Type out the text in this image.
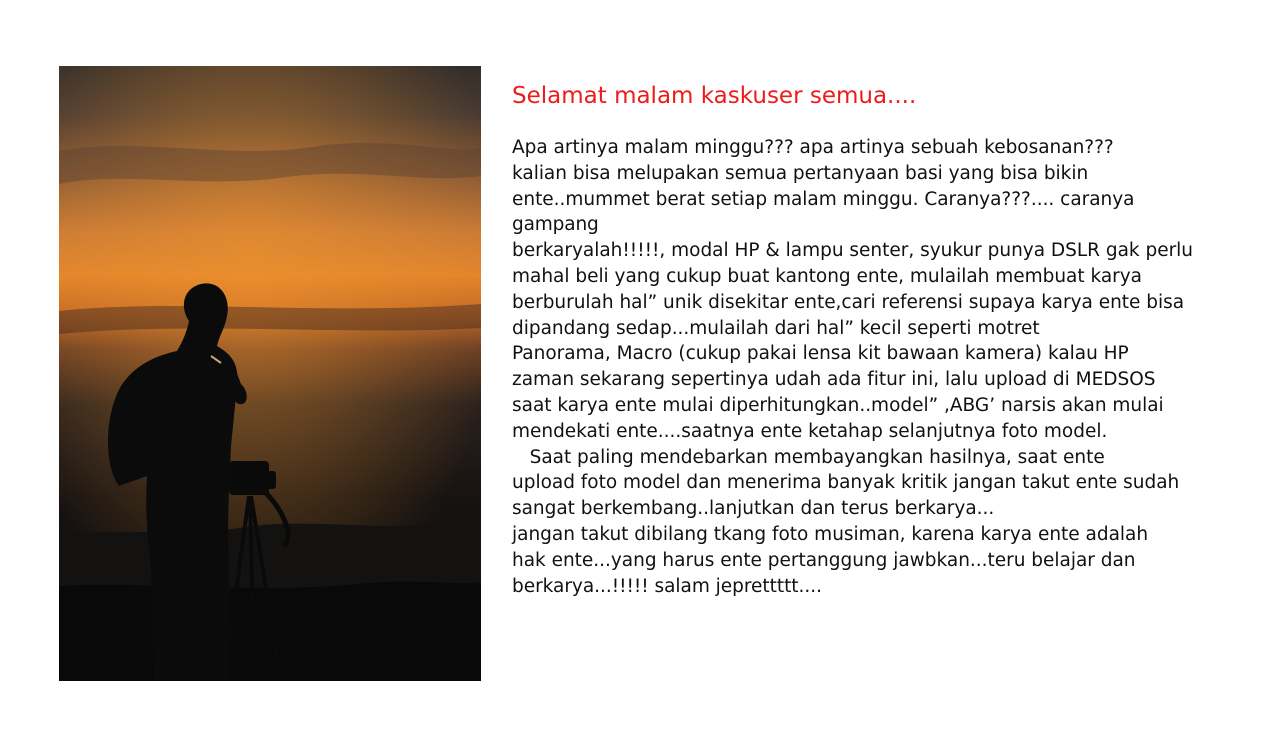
Selamat malam kaskuser semua....
Apa artinya malam minggu??? apa artinya sebuah kebosanan???
kalian bisa melupakan semua pertanyaan basi yang bisa bikin
ente..mummet berat setiap malam minggu. Caranya???.... caranya
gampang
berkaryalah!!!!!, modal HP & lampu senter, syukur punya DSLR gak perlu
mahal beli yang cukup buat kantong ente, mulailah membuat karya
berburulah hal” unik disekitar ente,cari referensi supaya karya ente bisa
dipandang sedap...mulailah dari hal” kecil seperti motret
Panorama, Macro (cukup pakai lensa kit bawaan kamera) kalau HP
zaman sekarang sepertinya udah ada fitur ini, lalu upload di MEDSOS
saat karya ente mulai diperhitungkan..model” ,ABG’ narsis akan mulai
mendekati ente....saatnya ente ketahap selanjutnya foto model.
Saat paling mendebarkan membayangkan hasilnya, saat ente
upload foto model dan menerima banyak kritik jangan takut ente sudah
sangat berkembang..lanjutkan dan terus berkarya...
jangan takut dibilang tkang foto musiman, karena karya ente adalah
hak ente...yang harus ente pertanggung jawbkan...teru belajar dan
berkarya...!!!!! salam jeprettttt....
